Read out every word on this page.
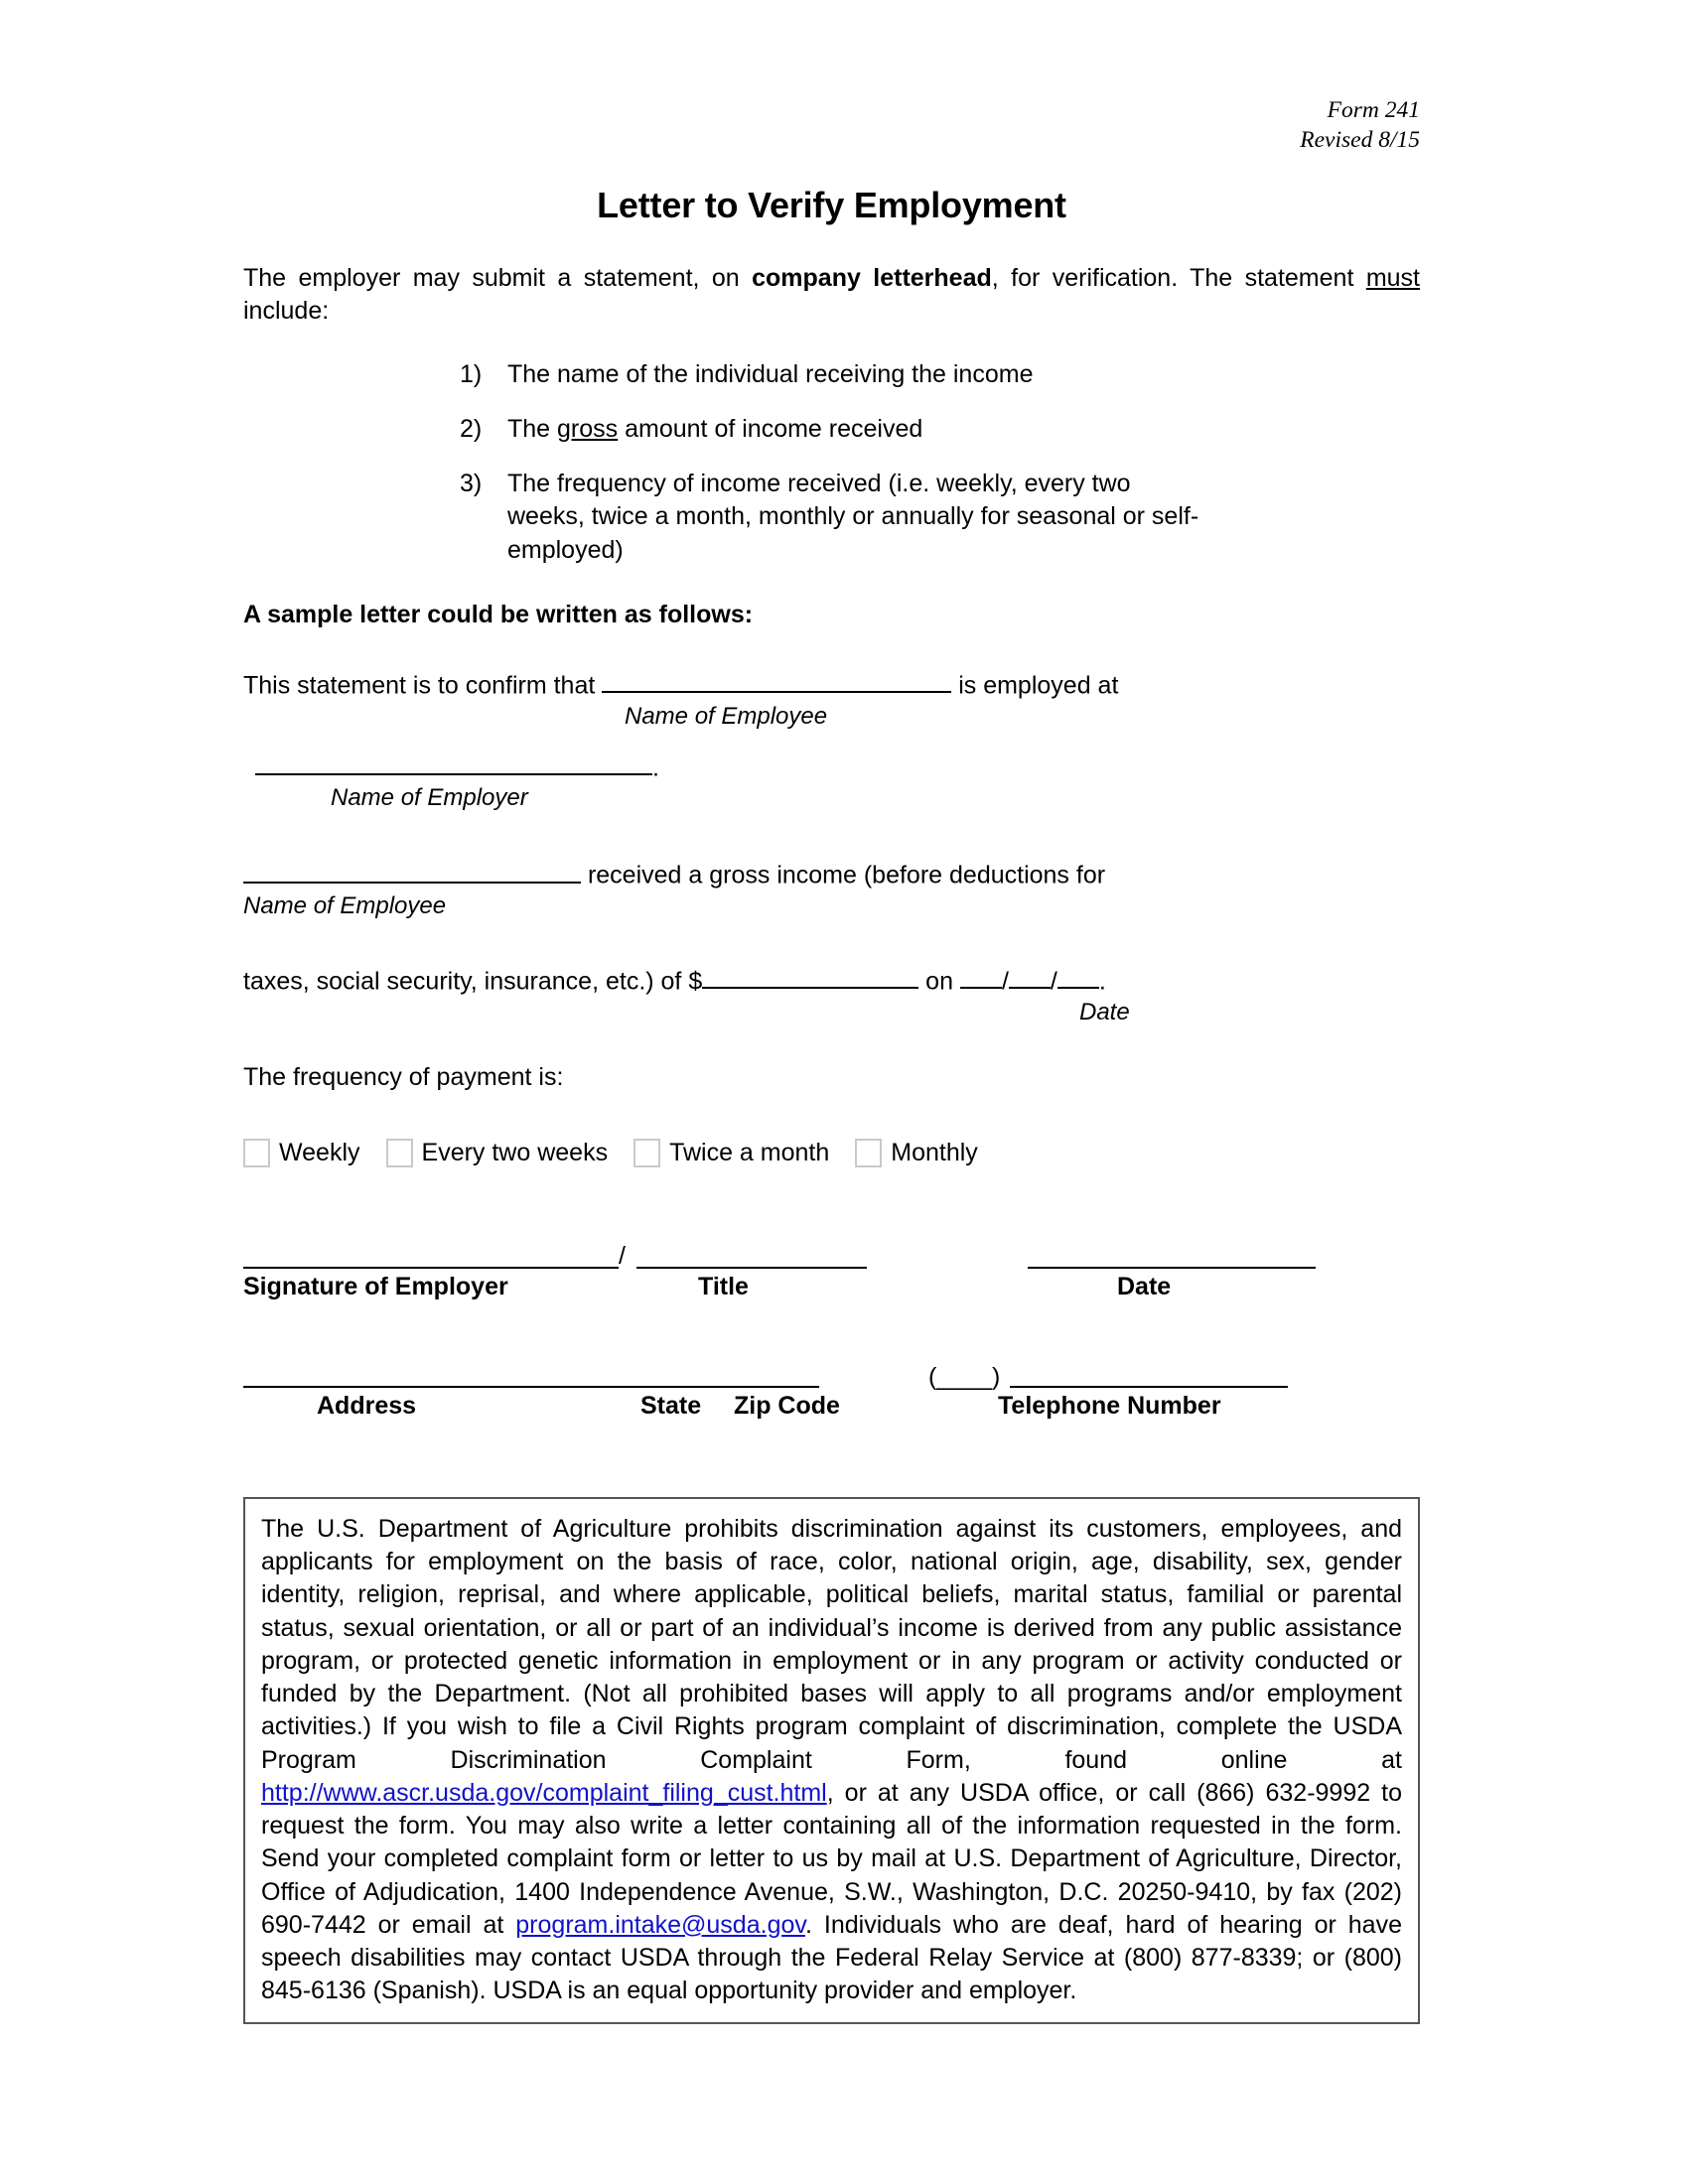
Form 241
Revised 8/15
Letter to Verify Employment

The employer may submit a statement, on company letterhead, for verification. The statement must include:

1)	The name of the individual receiving the income
2)	The gross amount of income received
3)	The frequency of income received (i.e. weekly, every two weeks, twice a month, monthly or annually for seasonal or self-employed)
A sample letter could be written as follows:
This statement is to confirm that	is employed at
Name of Employee
.
Name of Employer
received a gross income (before deductions for
Name of Employee
taxes, social security, insurance, etc.) of $	on / / .
Date
The frequency of payment is:
Weekly Every two weeks Twice a month Monthly
/
Signature of Employer	Title	Date
(____)
Address	State Zip Code	Telephone Number
The U.S. Department of Agriculture prohibits discrimination against its customers, employees, and applicants for employment on the basis of race, color, national origin, age, disability, sex, gender identity, religion, reprisal, and where applicable, political beliefs, marital status, familial or parental status, sexual orientation, or all or part of an individual’s income is derived from any public assistance program, or protected genetic information in employment or in any program or activity conducted or funded by the Department. (Not all prohibited bases will apply to all programs and/or employment activities.) If you wish to file a Civil Rights program complaint of discrimination, complete the USDA Program Discrimination Complaint Form, found online at http://www.ascr.usda.gov/complaint_filing_cust.html, or at any USDA office, or call (866) 632-9992 to request the form. You may also write a letter containing all of the information requested in the form. Send your completed complaint form or letter to us by mail at U.S. Department of Agriculture, Director, Office of Adjudication, 1400 Independence Avenue, S.W., Washington, D.C. 20250-9410, by fax (202) 690-7442 or email at program.intake@usda.gov. Individuals who are deaf, hard of hearing or have speech disabilities may contact USDA through the Federal Relay Service at (800) 877-8339; or (800) 845-6136 (Spanish). USDA is an equal opportunity provider and employer.
